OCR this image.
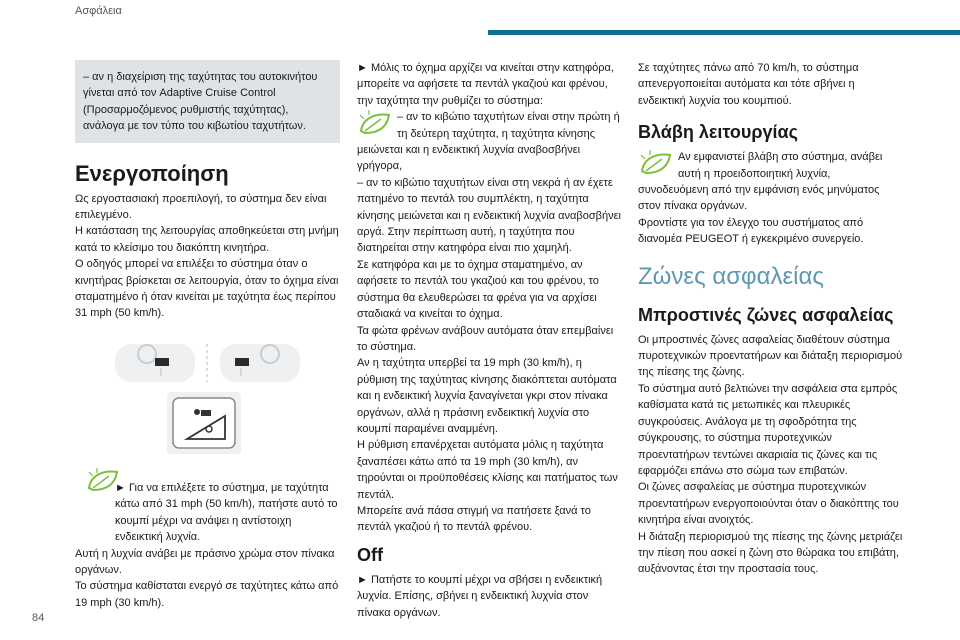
Ασφάλεια

– αν η διαχείριση της ταχύτητας του αυτοκινήτου γίνεται από τον Adaptive Cruise Control (Προσαρμοζόμενος ρυθμιστής ταχύτητας), ανάλογα με τον τύπο του κιβωτίου ταχυτήτων.

Ενεργοποίηση

Ως εργοστασιακή προεπιλογή, το σύστημα δεν είναι επιλεγμένο.

Η κατάσταση της λειτουργίας αποθηκεύεται στη μνήμη κατά το κλείσιμο του διακόπτη κινητήρα.

Ο οδηγός μπορεί να επιλέξει το σύστημα όταν ο κινητήρας βρίσκεται σε λειτουργία, όταν το όχημα είναι σταματημένο ή όταν κινείται με ταχύτητα έως περίπου 31 mph (50 km/h).

► Για να επιλέξετε το σύστημα, με ταχύτητα κάτω από 31 mph (50 km/h), πατήστε αυτό το κουμπί μέχρι να ανάψει η αντίστοιχη ενδεικτική λυχνία.

Αυτή η λυχνία ανάβει με πράσινο χρώμα στον πίνακα οργάνων.

Το σύστημα καθίσταται ενεργό σε ταχύτητες κάτω από 19 mph (30 km/h).

► Μόλις το όχημα αρχίζει να κινείται στην κατηφόρα, μπορείτε να αφήσετε τα πεντάλ γκαζιού και φρένου, την ταχύτητα την ρυθμίζει το σύστημα:

– αν το κιβώτιο ταχυτήτων είναι στην πρώτη ή τη δεύτερη ταχύτητα, η ταχύτητα κίνησης μειώνεται και η ενδεικτική λυχνία αναβοσβήνει γρήγορα,

– αν το κιβώτιο ταχυτήτων είναι στη νεκρά ή αν έχετε πατημένο το πεντάλ του συμπλέκτη, η ταχύτητα κίνησης μειώνεται και η ενδεικτική λυχνία αναβοσβήνει αργά. Στην περίπτωση αυτή, η ταχύτητα που διατηρείται στην κατηφόρα είναι πιο χαμηλή.

Σε κατηφόρα και με το όχημα σταματημένο, αν αφήσετε το πεντάλ του γκαζιού και του φρένου, το σύστημα θα ελευθερώσει τα φρένα για να αρχίσει σταδιακά να κινείται το όχημα.

Τα φώτα φρένων ανάβουν αυτόματα όταν επεμβαίνει το σύστημα.

Αν η ταχύτητα υπερβεί τα 19 mph (30 km/h), η ρύθμιση της ταχύτητας κίνησης διακόπτεται αυτόματα και η ενδεικτική λυχνία ξαναγίνεται γκρι στον πίνακα οργάνων, αλλά η πράσινη ενδεικτική λυχνία στο κουμπί παραμένει αναμμένη.

Η ρύθμιση επανέρχεται αυτόματα μόλις η ταχύτητα ξαναπέσει κάτω από τα 19 mph (30 km/h), αν τηρούνται οι προϋποθέσεις κλίσης και πατήματος των πεντάλ.

Μπορείτε ανά πάσα στιγμή να πατήσετε ξανά το πεντάλ γκαζιού ή το πεντάλ φρένου.

Off

► Πατήστε το κουμπί μέχρι να σβήσει η ενδεικτική λυχνία. Επίσης, σβήνει η ενδεικτική λυχνία στον πίνακα οργάνων.

Σε ταχύτητες πάνω από 70 km/h, το σύστημα απενεργοποιείται αυτόματα και τότε σβήνει η ενδεικτική λυχνία του κουμπιού.

Βλάβη λειτουργίας

Αν εμφανιστεί βλάβη στο σύστημα, ανάβει αυτή η προειδοποιητική λυχνία, συνοδευόμενη από την εμφάνιση ενός μηνύματος στον πίνακα οργάνων.

Φροντίστε για τον έλεγχο του συστήματος από διανομέα PEUGEOT ή εγκεκριμένο συνεργείο.

Ζώνες ασφαλείας
Μπροστινές ζώνες ασφαλείας

Οι μπροστινές ζώνες ασφαλείας διαθέτουν σύστημα πυροτεχνικών προεντατήρων και διάταξη περιορισμού της πίεσης της ζώνης.

Το σύστημα αυτό βελτιώνει την ασφάλεια στα εμπρός καθίσματα κατά τις μετωπικές και πλευρικές συγκρούσεις. Ανάλογα με τη σφοδρότητα της σύγκρουσης, το σύστημα πυροτεχνικών προεντατήρων τεντώνει ακαριαία τις ζώνες και τις εφαρμόζει επάνω στο σώμα των επιβατών.

Οι ζώνες ασφαλείας με σύστημα πυροτεχνικών προεντατήρων ενεργοποιούνται όταν ο διακόπτης του κινητήρα είναι ανοιχτός.

Η διάταξη περιορισμού της πίεσης της ζώνης μετριάζει την πίεση που ασκεί η ζώνη στο θώρακα του επιβάτη, αυξάνοντας έτσι την προστασία τους.

84
